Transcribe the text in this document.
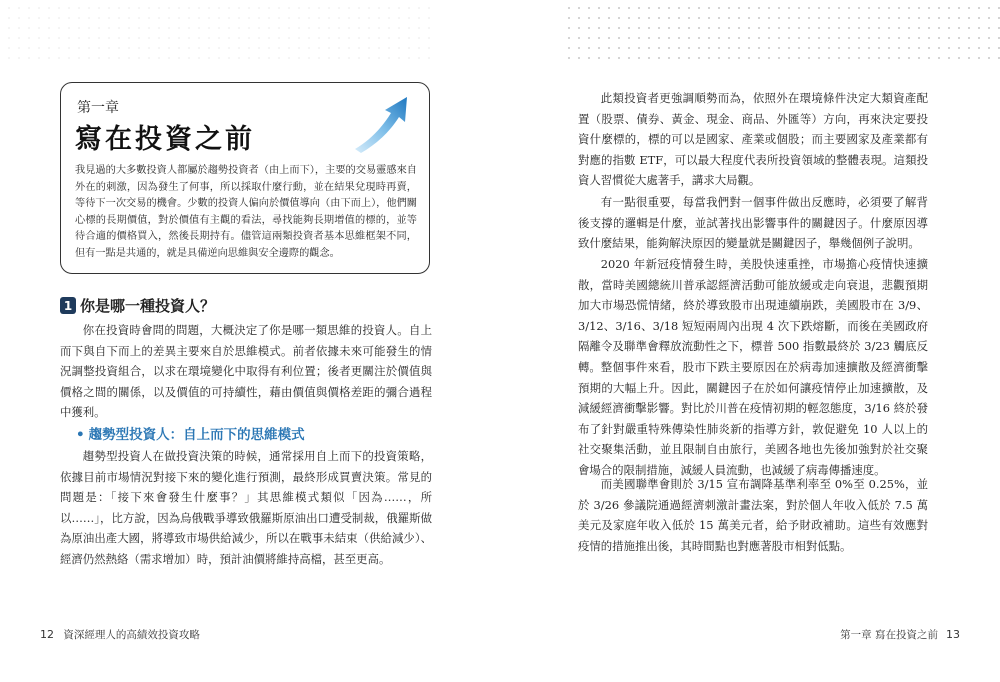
第一章
寫在投資之前

我見過的大多數投資人都屬於趨勢投資者（由上而下），主要的交易靈感來自外在的刺激，因為發生了何事，所以採取什麼行動，並在結果兌現時再賣，等待下一次交易的機會。少數的投資人偏向於價值導向（由下而上），他們關心標的長期價值，對於價值有主觀的看法，尋找能夠長期增值的標的，並等待合適的價格買入，然後長期持有。儘管這兩類投資者基本思維框架不同，但有一點是共通的，就是具備逆向思維與安全邊際的觀念。

1 你是哪一種投資人？

你在投資時會問的問題，大概決定了你是哪一類思維的投資人。自上而下與自下而上的差異主要來自於思維模式。前者依據未來可能發生的情況調整投資組合，以求在環境變化中取得有利位置；後者更關注於價值與價格之間的關係，以及價值的可持續性，藉由價值與價格差距的彌合過程中獲利。

• 趨勢型投資人：自上而下的思維模式

趨勢型投資人在做投資決策的時候，通常採用自上而下的投資策略，依據目前市場情況對接下來的變化進行預測，最終形成買賣決策。常見的問題是：「接下來會發生什麼事？」其思維模式類似「因為……，所以……」，比方說，因為烏俄戰爭導致俄羅斯原油出口遭受制裁，俄羅斯做為原油出產大國，將導致市場供給減少，所以在戰事未結束（供給減少）、經濟仍然熱絡（需求增加）時，預計油價將維持高檔，甚至更高。

12 資深經理人的高績效投資攻略

此類投資者更強調順勢而為，依照外在環境條件決定大類資產配置（股票、債券、黃金、現金、商品、外匯等）方向，再來決定要投資什麼標的，標的可以是國家、產業或個股；而主要國家及產業都有對應的指數 ETF，可以最大程度代表所投資領域的整體表現。這類投資人習慣從大處著手，講求大局觀。

有一點很重要，每當我們對一個事件做出反應時，必須要了解背後支撐的邏輯是什麼，並試著找出影響事件的關鍵因子。什麼原因導致什麼結果，能夠解決原因的變量就是關鍵因子，舉幾個例子說明。

2020 年新冠疫情發生時，美股快速重挫，市場擔心疫情快速擴散，當時美國總統川普承認經濟活動可能放緩或走向衰退，悲觀預期加大市場恐慌情緒，終於導致股市出現連續崩跌，美國股市在 3/9、3/12、3/16、3/18 短短兩周內出現 4 次下跌熔斷，而後在美國政府隔離令及聯準會釋放流動性之下，標普 500 指數最終於 3/23 觸底反轉。 整個事件來看，股市下跌主要原因在於病毒加速擴散及經濟衝擊預期的大幅上升。因此，關鍵因子在於如何讓疫情停止加速擴散，及減緩經濟衝擊影響。對比於川普在疫情初期的輕忽態度，3/16 終於發布了針對嚴重特殊傳染性肺炎新的指導方針，敦促避免 10 人以上的社交聚集活動，並且限制自由旅行，美國各地也先後加強對於社交聚會場合的限制措施，減緩人員流動，也減緩了病毒傳播速度。

而美國聯準會則於 3/15 宣布調降基準利率至 0%至 0.25%，並於 3/26 參議院通過經濟刺激計畫法案，對於個人年收入低於 7.5 萬美元及家庭年收入低於 15 萬美元者，給予財政補助。這些有效應對疫情的措施推出後，其時間點也對應著股市相對低點。

第一章 寫在投資之前 13
